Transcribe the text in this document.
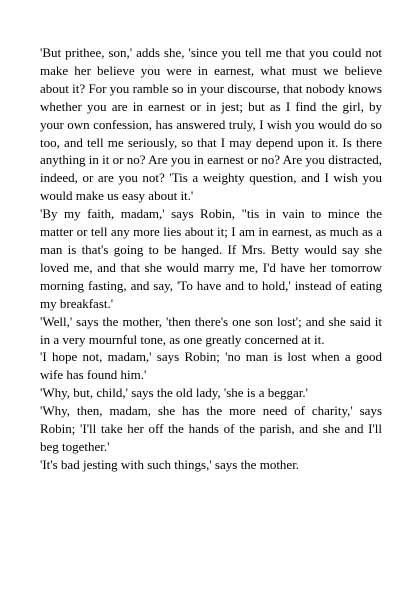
'But prithee, son,' adds she, 'since you tell me that you could not make her believe you were in earnest, what must we believe about it? For you ramble so in your discourse, that nobody knows whether you are in earnest or in jest; but as I find the girl, by your own confession, has answered truly, I wish you would do so too, and tell me seriously, so that I may depend upon it. Is there anything in it or no? Are you in earnest or no? Are you distracted, indeed, or are you not? 'Tis a weighty question, and I wish you would make us easy about it.'

'By my faith, madam,' says Robin, "tis in vain to mince the matter or tell any more lies about it; I am in earnest, as much as a man is that's going to be hanged. If Mrs. Betty would say she loved me, and that she would marry me, I'd have her tomorrow morning fasting, and say, 'To have and to hold,' instead of eating my breakfast.'

'Well,' says the mother, 'then there's one son lost'; and she said it in a very mournful tone, as one greatly concerned at it.

'I hope not, madam,' says Robin; 'no man is lost when a good wife has found him.'

'Why, but, child,' says the old lady, 'she is a beggar.'

'Why, then, madam, she has the more need of charity,' says Robin; 'I'll take her off the hands of the parish, and she and I'll beg together.'

'It's bad jesting with such things,' says the mother.
